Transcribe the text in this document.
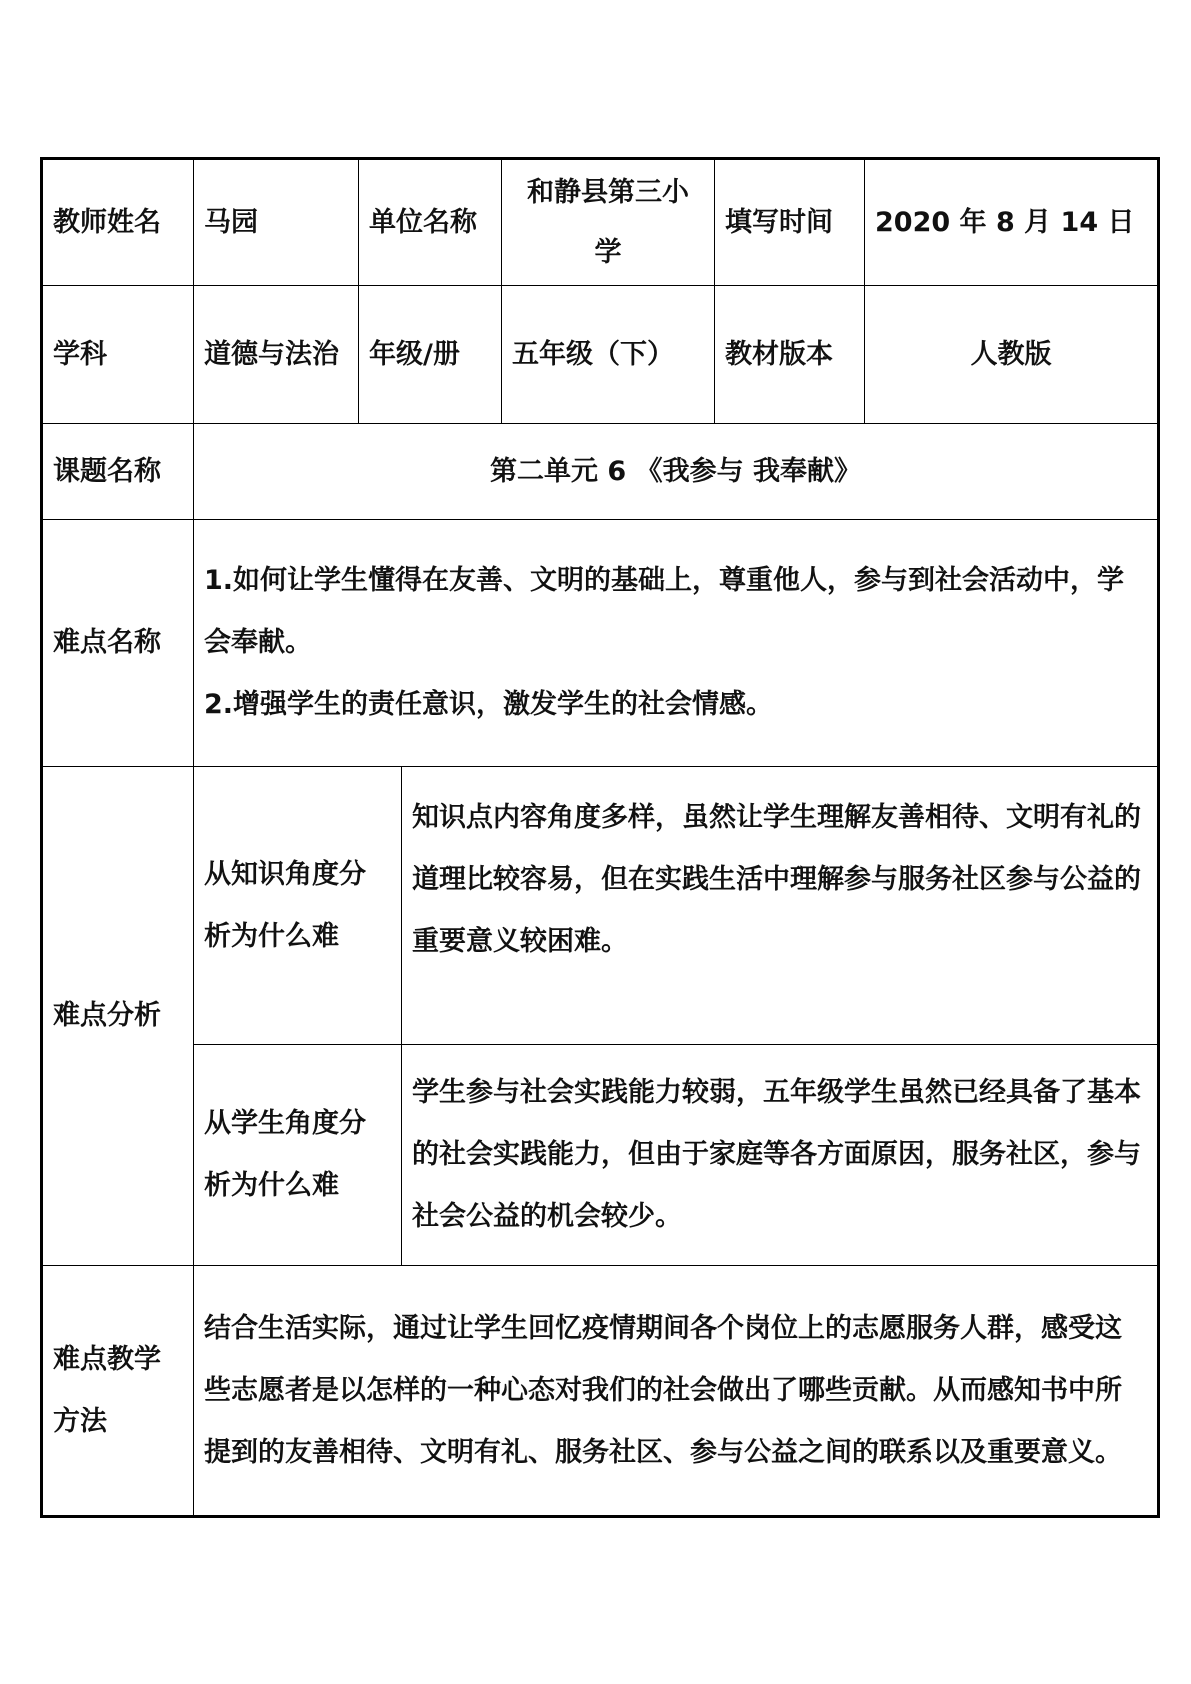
教师姓名	马园	单位名称		和静县第三小学	填写时间	2020 年 8 月 14 日
学科	道德与法治	年级/册		五年级（下）	教材版本	人教版
课题名称	第二单元 6 《我参与 我奉献》					
难点名称	1.如何让学生懂得在友善、文明的基础上，尊重他人，参与到社会活动中，学会奉献。
2.增强学生的责任意识，激发学生的社会情感。					

难点分析	从知识角度分析为什么难		知识点内容角度多样，虽然让学生理解友善相待、文明有礼的道理比较容易，但在实践生活中理解参与服务社区参与公益的重要意义较困难。			
	从学生角度分析为什么难		学生参与社会实践能力较弱，五年级学生虽然已经具备了基本的社会实践能力，但由于家庭等各方面原因，服务社区，参与社会公益的机会较少。			
难点教学方法	结合生活实际，通过让学生回忆疫情期间各个岗位上的志愿服务人群，感受这些志愿者是以怎样的一种心态对我们的社会做出了哪些贡献。从而感知书中所提到的友善相待、文明有礼、服务社区、参与公益之间的联系以及重要意义。					
